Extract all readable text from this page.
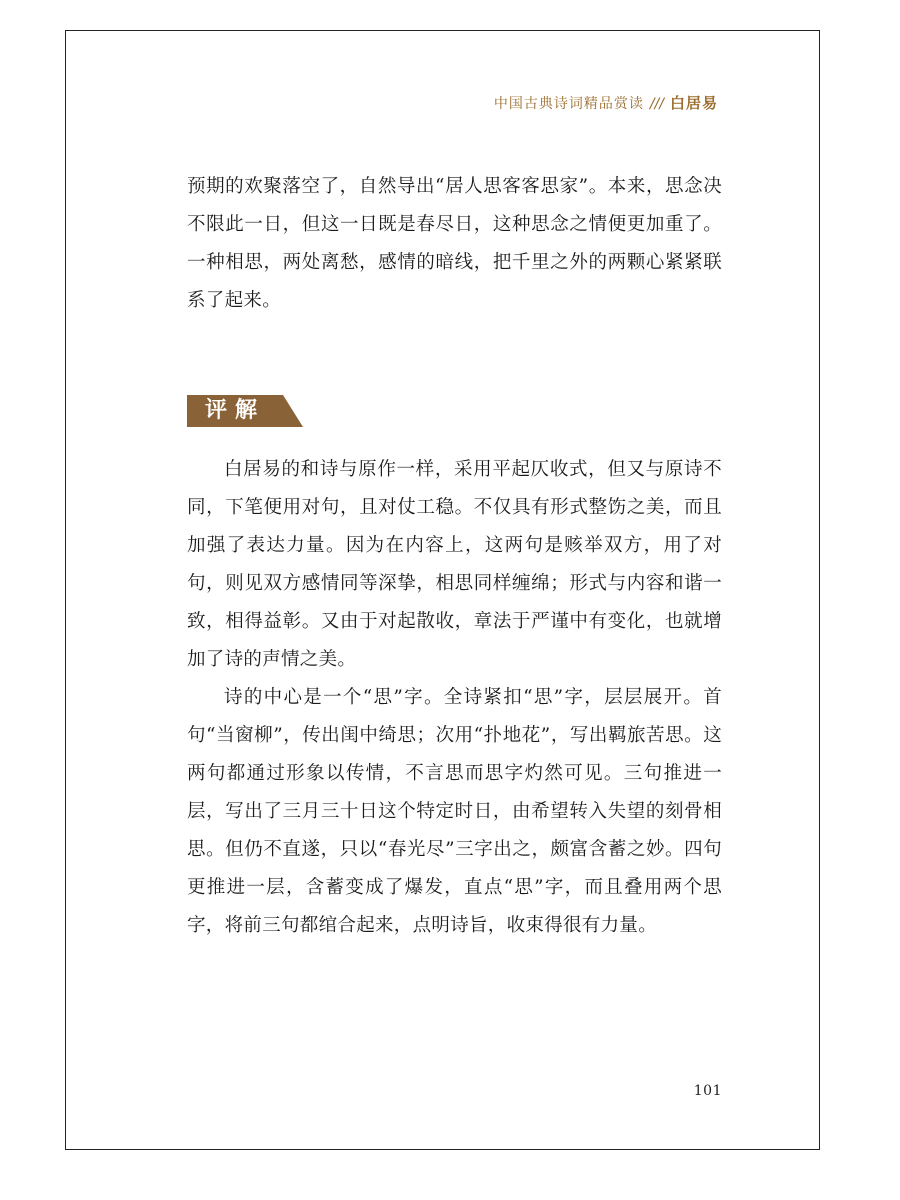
中国古典诗词精品赏读 /// 白居易

预期的欢聚落空了，自然导出“居人思客客思家”。本来，思念决不限此一日，但这一日既是春尽日，这种思念之情便更加重了。一种相思，两处离愁，感情的暗线，把千里之外的两颗心紧紧联系了起来。

评解

白居易的和诗与原作一样，采用平起仄收式，但又与原诗不同，下笔便用对句，且对仗工稳。不仅具有形式整饬之美，而且加强了表达力量。因为在内容上，这两句是赅举双方，用了对句，则见双方感情同等深挚，相思同样缠绵；形式与内容和谐一致，相得益彰。又由于对起散收，章法于严谨中有变化，也就增加了诗的声情之美。

诗的中心是一个“思”字。全诗紧扣“思”字，层层展开。首句“当窗柳”，传出闺中绮思；次用“扑地花”，写出羁旅苦思。这两句都通过形象以传情，不言思而思字灼然可见。三句推进一层，写出了三月三十日这个特定时日，由希望转入失望的刻骨相思。但仍不直遂，只以“春光尽”三字出之，颇富含蓄之妙。四句更推进一层，含蓄变成了爆发，直点“思”字，而且叠用两个思字，将前三句都绾合起来，点明诗旨，收束得很有力量。

101
